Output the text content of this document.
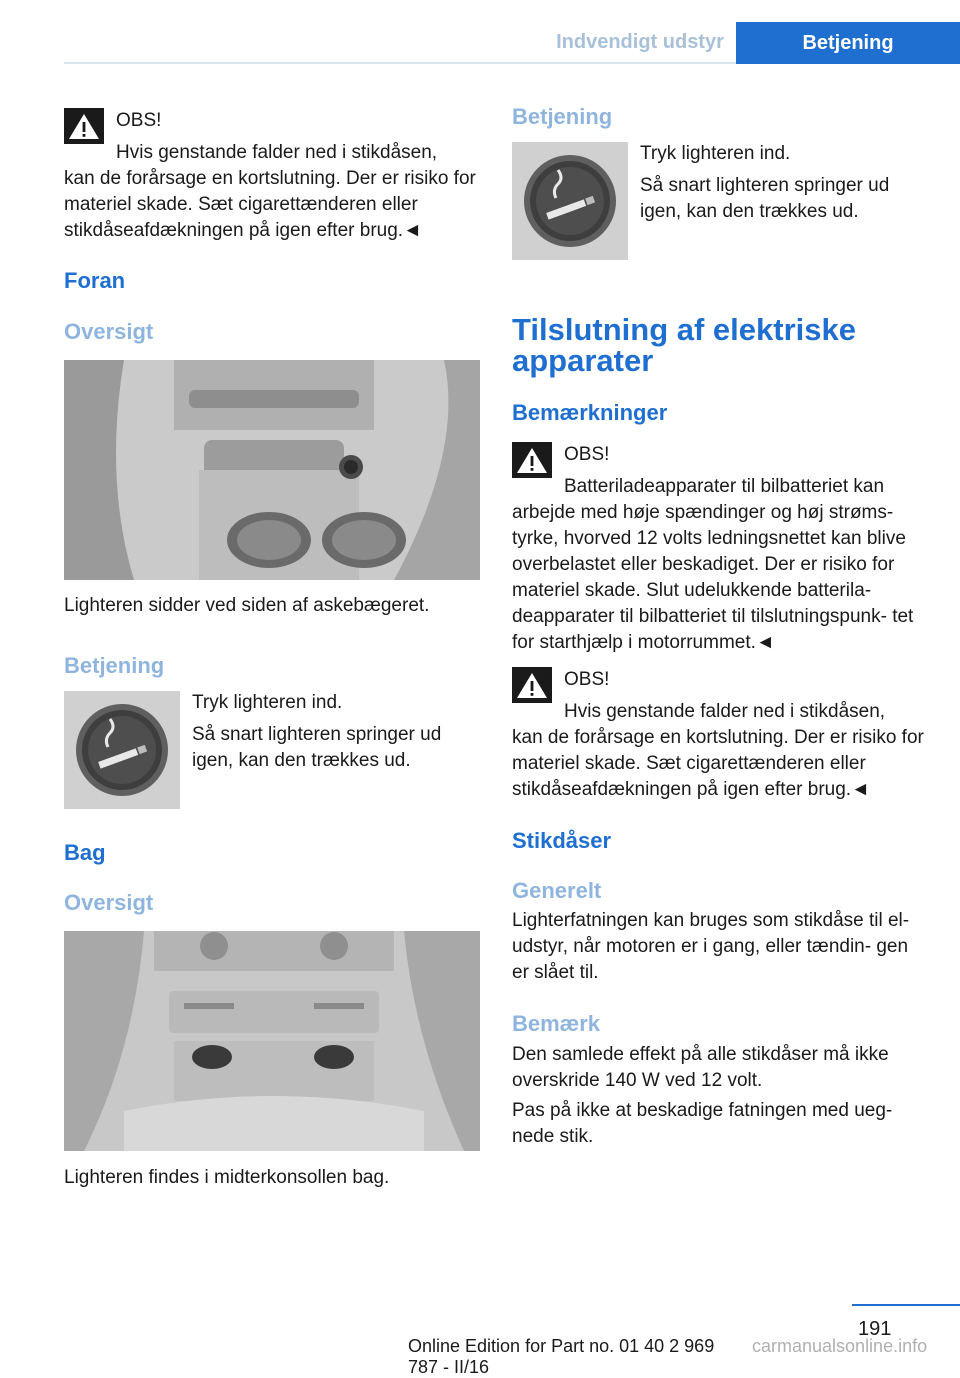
Indvendigt udstyr	Betjening

OBS!

Hvis genstande falder ned i stikdåsen,

kan de forårsage en kortslutning. Der er risiko for materiel skade. Sæt cigarettænderen eller stikdåseafdækningen på igen efter brug.◄

Foran
Oversigt

Lighteren sidder ved siden af askebægeret.

Betjening

Tryk lighteren ind.

Så snart lighteren springer ud igen, kan den trækkes ud.

Bag
Oversigt

Lighteren findes i midterkonsollen bag.

Betjening

Tryk lighteren ind.

Så snart lighteren springer ud igen, kan den trækkes ud.

Tilslutning af elektriske apparater
Bemærkninger

OBS!

Batteriladeapparater til bilbatteriet kan

arbejde med høje spændinger og høj strøms- tyrke, hvorved 12 volts ledningsnettet kan blive overbelastet eller beskadiget. Der er risiko for materiel skade. Slut udelukkende batterila- deapparater til bilbatteriet til tilslutningspunk- tet for starthjælp i motorrummet.◄

OBS!

Hvis genstande falder ned i stikdåsen,

kan de forårsage en kortslutning. Der er risiko for materiel skade. Sæt cigarettænderen eller stikdåseafdækningen på igen efter brug.◄

Stikdåser
Generelt

Lighterfatningen kan bruges som stikdåse til el-udstyr, når motoren er i gang, eller tændin- gen er slået til.

Bemærk

Den samlede effekt på alle stikdåser må ikke overskride 140 W ved 12 volt.

Pas på ikke at beskadige fatningen med ueg- nede stik.

191
Online Edition for Part no. 01 40 2 969 787 - II/16
carmanualsonline.info
